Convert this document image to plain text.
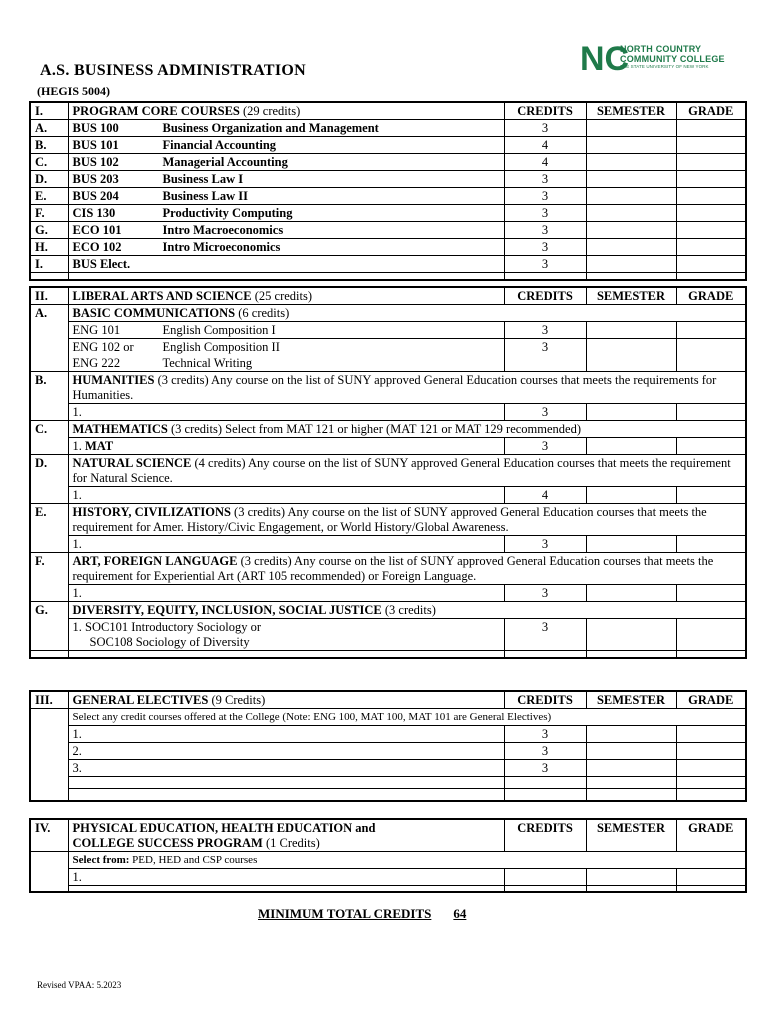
A.S. BUSINESS ADMINISTRATION
(HEGIS 5004)
NC
NORTH COUNTRY
COMMUNITY COLLEGE
THE STATE UNIVERSITY OF NEW YORK
I.	PROGRAM CORE COURSES (29 credits)	CREDITS	SEMESTER	GRADE
A.	BUS 100 Business Organization and Management	3		
B.	BUS 101 Financial Accounting	4		
C.	BUS 102 Managerial Accounting	4		
D.	BUS 203 Business Law I	3		
E.	BUS 204 Business Law II	3		
F.	CIS 130 Productivity Computing	3		
G.	ECO 101 Intro Macroeconomics	3		
H.	ECO 102 Intro Microeconomics	3		
I.	BUS Elect.	3		

II.	LIBERAL ARTS AND SCIENCE (25 credits)	CREDITS	SEMESTER	GRADE
A.	BASIC COMMUNICATIONS (6 credits)			
	ENG 101 English Composition I	3		
	ENG 102 or English Composition II	3		
	ENG 222 Technical Writing			
B.	HUMANITIES (3 credits) Any course on the list of SUNY approved General Education courses that meets the requirements for Humanities.			
	1.	3		
C.	MATHEMATICS (3 credits) Select from MAT 121 or higher (MAT 121 or MAT 129 recommended)			
	1. MAT	3		
D.	NATURAL SCIENCE (4 credits) Any course on the list of SUNY approved General Education courses that meets the requirement for Natural Science.			
	1.	4		
E.	HISTORY, CIVILIZATIONS (3 credits) Any course on the list of SUNY approved General Education courses that meets the requirement for Amer. History/Civic Engagement, or World History/Global Awareness.			
	1.	3		
F.	ART, FOREIGN LANGUAGE (3 credits) Any course on the list of SUNY approved General Education courses that meets the requirement for Experiential Art (ART 105 recommended) or Foreign Language.			
	1.	3		
G.	DIVERSITY, EQUITY, INCLUSION, SOCIAL JUSTICE (3 credits)			

	1. SOC101 Introductory Sociology or
SOC108 Sociology of Diversity	3		

III.	GENERAL ELECTIVES (9 Credits)	CREDITS	SEMESTER	GRADE
	Select any credit courses offered at the College (Note: ENG 100, MAT 100, MAT 101 are General Electives)			
	1.	3		
	2.	3		
	3.	3		

IV.	PHYSICAL EDUCATION, HEALTH EDUCATION and
COLLEGE SUCCESS PROGRAM (1 Credits)	CREDITS	SEMESTER	GRADE
	Select from: PED, HED and CSP courses			
	1.			

MINIMUM TOTAL CREDITS 64
Revised VPAA: 5.2023
